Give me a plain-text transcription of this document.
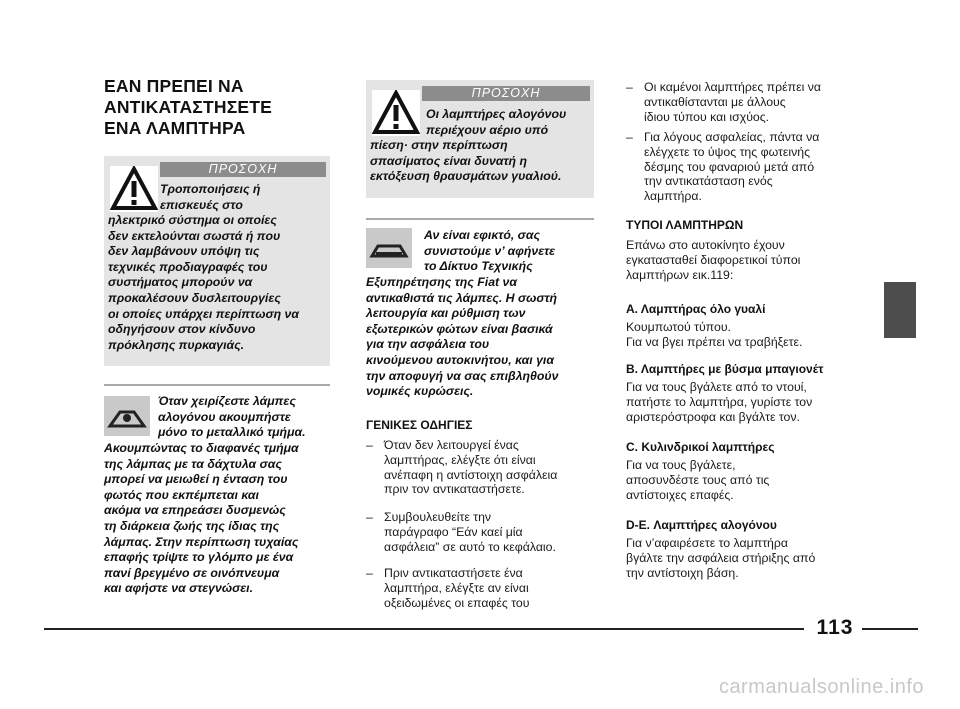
ΕΑΝ ΠΡΕΠΕΙ ΝΑ
ΑΝΤΙΚΑΤΑΣΤΗΣΕΤΕ
ΕΝΑ ΛΑΜΠΤΗΡΑ
ΠΡΟΣΟΧΗ
Τροποποιήσεις ή
επισκευές στο
ηλεκτρικό σύστημα οι οποίες
δεν εκτελούνται σωστά ή που
δεν λαμβάνουν υπόψη τις
τεχνικές προδιαγραφές του
συστήματος μπορούν να
προκαλέσουν δυσλειτουργίες
οι οποίες υπάρχει περίπτωση να
οδηγήσουν στον κίνδυνο
πρόκλησης πυρκαγιάς.
Όταν χειρίζεστε λάμπες
αλογόνου ακουμπήστε
μόνο το μεταλλικό τμήμα.
Ακουμπώντας το διαφανές τμήμα
της λάμπας με τα δάχτυλα σας
μπορεί να μειωθεί η ένταση του
φωτός που εκπέμπεται και
ακόμα να επηρεάσει δυσμενώς
τη διάρκεια ζωής της ίδιας της
λάμπας. Στην περίπτωση τυχαίας
επαφής τρίψτε το γλόμπο με ένα
πανί βρεγμένο σε οινόπνευμα
και αφήστε να στεγνώσει.
ΠΡΟΣΟΧΗ
Οι λαμπτήρες αλογόνου
περιέχουν αέριο υπό
πίεση· στην περίπτωση
σπασίματος είναι δυνατή η
εκτόξευση θραυσμάτων γυαλιού.
Αν είναι εφικτό, σας
συνιστούμε ν’ αφήνετε
το Δίκτυο Τεχνικής
Εξυπηρέτησης της Fiat να
αντικαθιστά τις λάμπες. Η σωστή
λειτουργία και ρύθμιση των
εξωτερικών φώτων είναι βασικά
για την ασφάλεια του
κινούμενου αυτοκινήτου, και για
την αποφυγή να σας επιβληθούν
νομικές κυρώσεις.
ΓΕΝΙΚΕΣ ΟΔΗΓΙΕΣ
– Όταν δεν λειτουργεί ένας
λαμπτήρας, ελέγξτε ότι είναι
ανέπαφη η αντίστοιχη ασφάλεια
πριν τον αντικαταστήσετε.
– Συμβουλευθείτε την
παράγραφο “Εάν καεί μία
ασφάλεια” σε αυτό το κεφάλαιο.
– Πριν αντικαταστήσετε ένα
λαμπτήρα, ελέγξτε αν είναι
οξειδωμένες οι επαφές του
– Οι καμένοι λαμπτήρες πρέπει να
αντικαθίστανται με άλλους
ίδιου τύπου και ισχύος.
– Για λόγους ασφαλείας, πάντα να
ελέγχετε το ύψος της φωτεινής
δέσμης του φαναριού μετά από
την αντικατάσταση ενός
λαμπτήρα.
ΤΥΠΟΙ ΛΑΜΠΤΗΡΩΝ
Επάνω στο αυτοκίνητο έχουν
εγκατασταθεί διαφορετικοί τύποι
λαμπτήρων εικ.119:
Α. Λαμπτήρας όλο γυαλί
Κουμπωτού τύπου.
Για να βγει πρέπει να τραβήξετε.
Β. Λαμπτήρες με βύσμα μπαγιονέτ
Για να τους βγάλετε από το ντουί,
πατήστε το λαμπτήρα, γυρίστε τον
αριστερόστροφα και βγάλτε τον.
C. Κυλινδρικοί λαμπτήρες
Για να τους βγάλετε,
αποσυνδέστε τους από τις
αντίστοιχες επαφές.
D-E. Λαμπτήρες αλογόνου
Για ν’αφαιρέσετε το λαμπτήρα
βγάλτε την ασφάλεια στήριξης από
την αντίστοιχη βάση.
113
carmanualsonline.info
